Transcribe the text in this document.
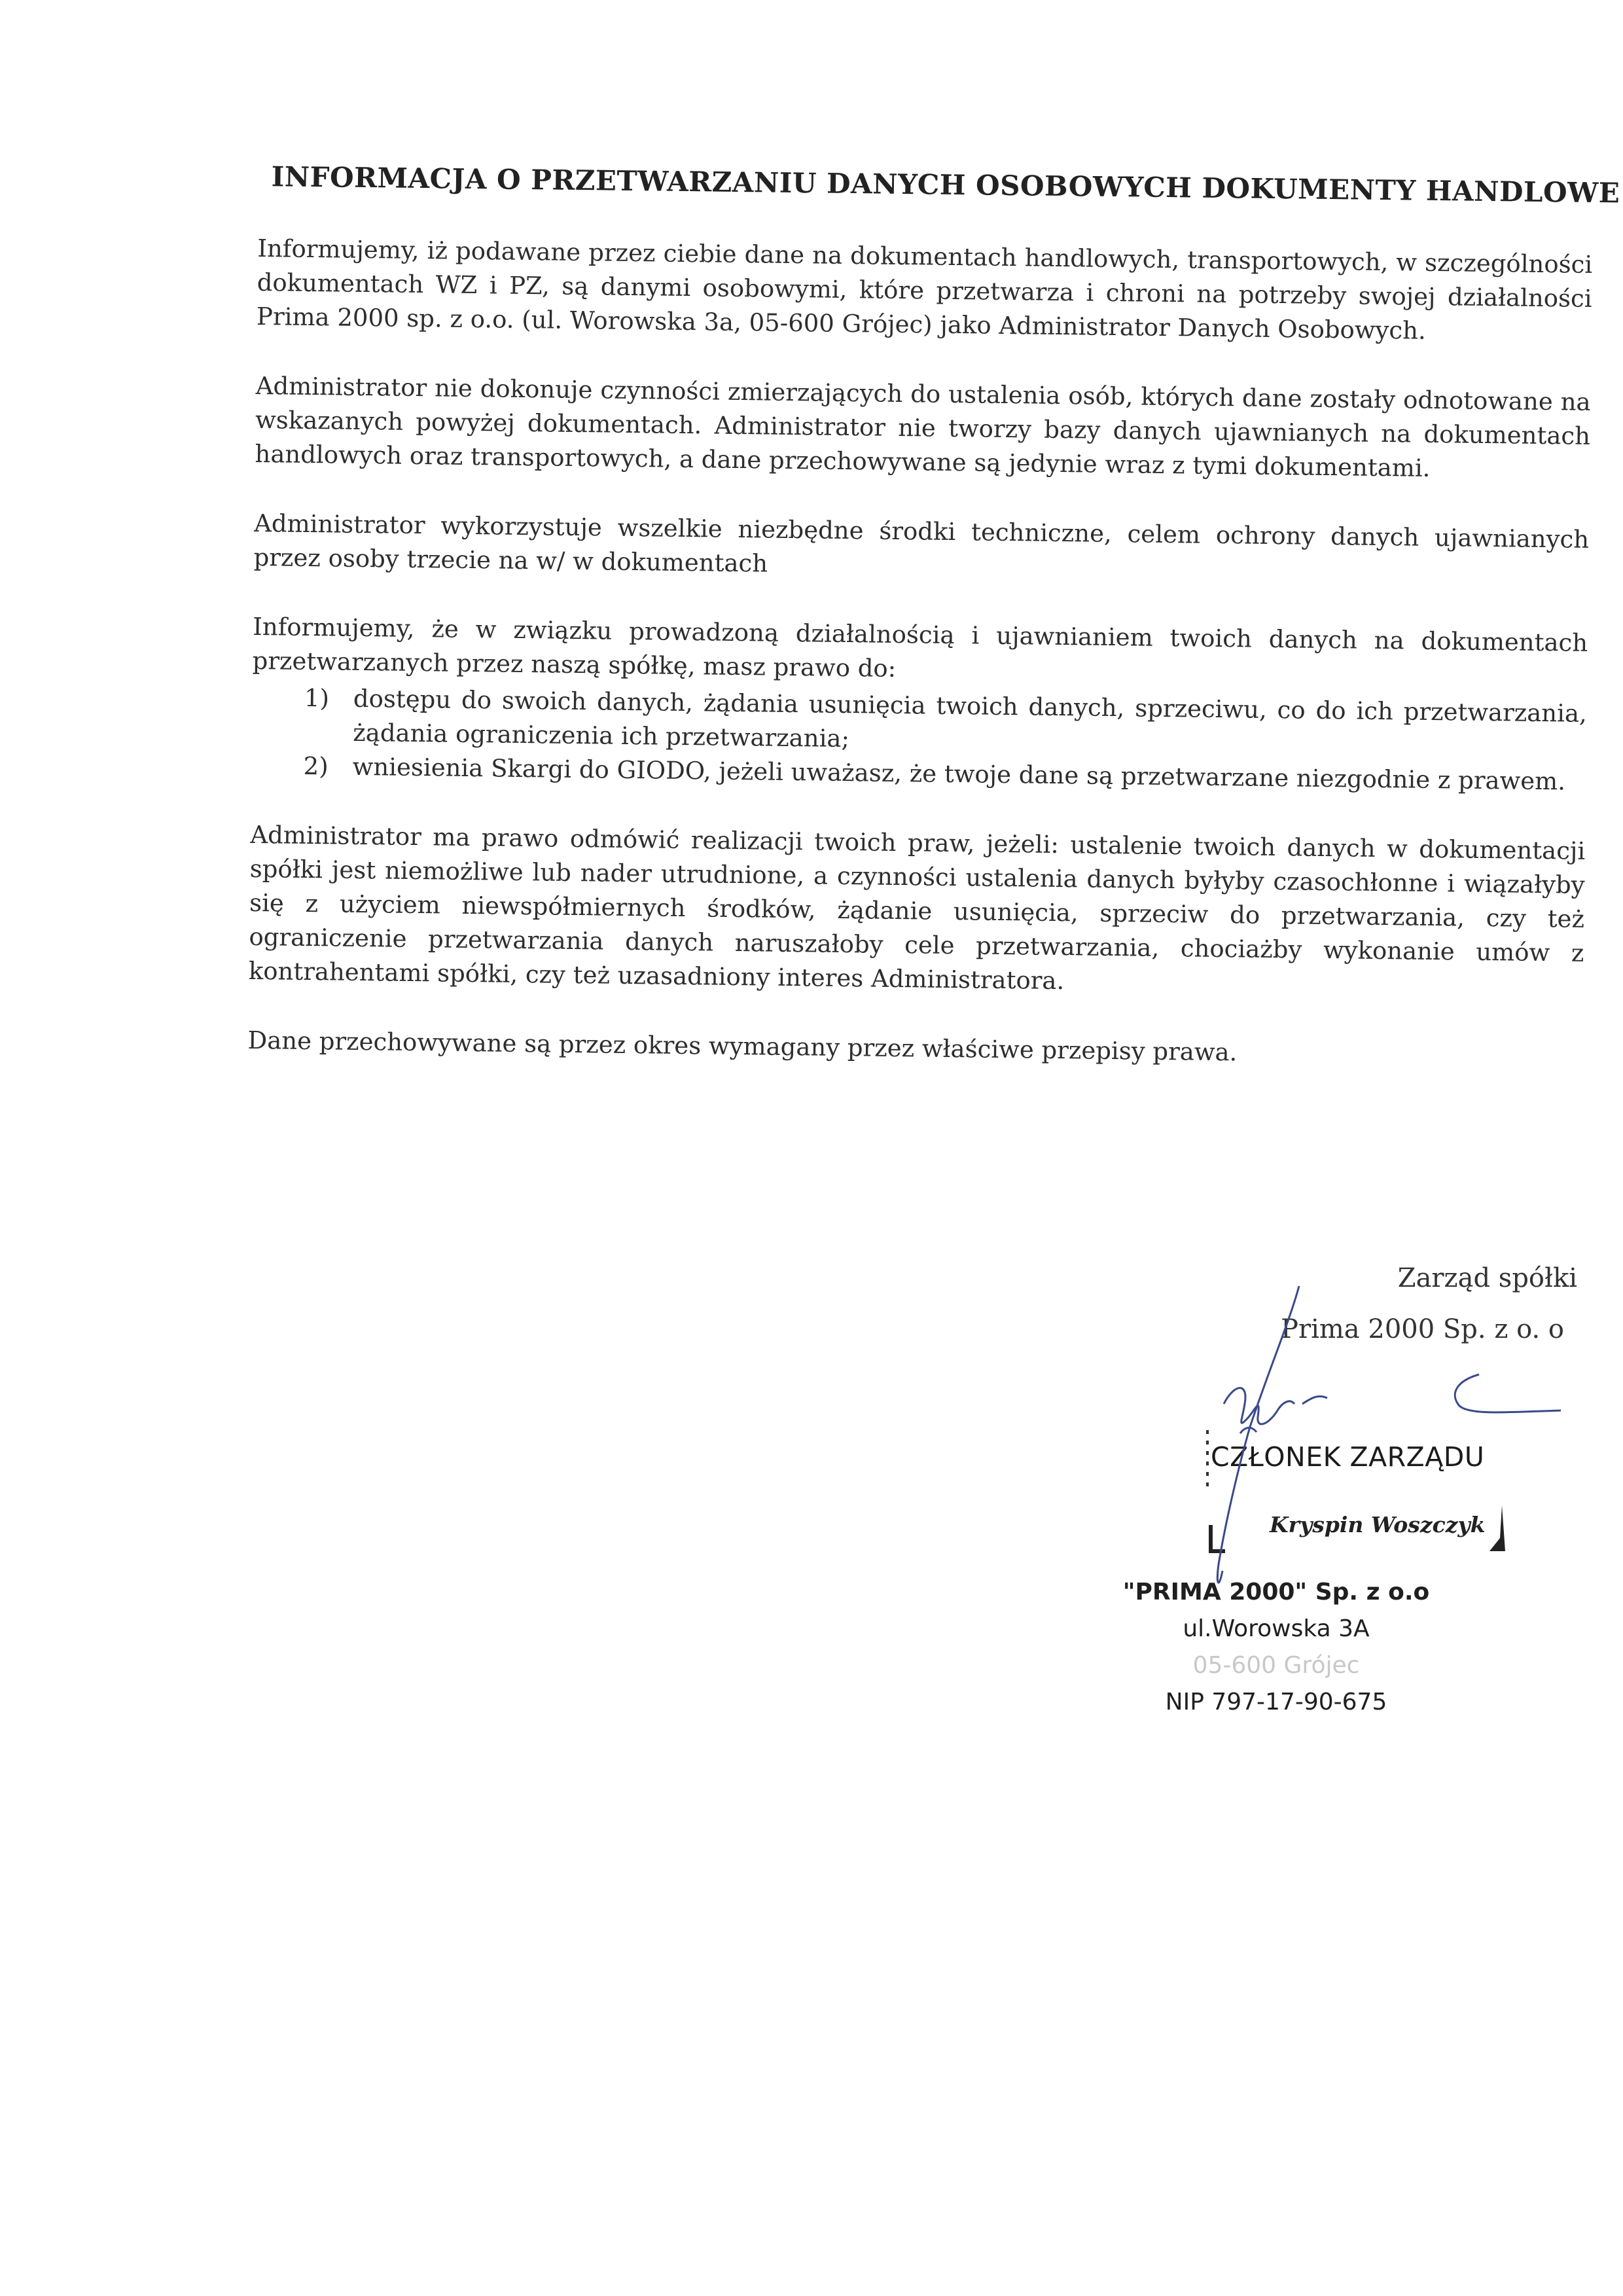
INFORMACJA O PRZETWARZANIU DANYCH OSOBOWYCH DOKUMENTY HANDLOWE

Informujemy, iż podawane przez ciebie dane na dokumentach handlowych, transportowych, w szczególności dokumentach WZ i PZ, są danymi osobowymi, które przetwarza i chroni na potrzeby swojej działalności Prima 2000 sp. z o.o. (ul. Worowska 3a, 05-600 Grójec) jako Administrator Danych Osobowych.

Administrator nie dokonuje czynności zmierzających do ustalenia osób, których dane zostały odnotowane na wskazanych powyżej dokumentach. Administrator nie tworzy bazy danych ujawnianych na dokumentach handlowych oraz transportowych, a dane przechowywane są jedynie wraz z tymi dokumentami.

Administrator wykorzystuje wszelkie niezbędne środki techniczne, celem ochrony danych ujawnianych przez osoby trzecie na w/ w dokumentach

Informujemy, że w związku prowadzoną działalnością i ujawnianiem twoich danych na dokumentach przetwarzanych przez naszą spółkę, masz prawo do:

1) dostępu do swoich danych, żądania usunięcia twoich danych, sprzeciwu, co do ich przetwarzania, żądania ograniczenia ich przetwarzania;
2) wniesienia Skargi do GIODO, jeżeli uważasz, że twoje dane są przetwarzane niezgodnie z prawem.

Administrator ma prawo odmówić realizacji twoich praw, jeżeli: ustalenie twoich danych w dokumentacji spółki jest niemożliwe lub nader utrudnione, a czynności ustalenia danych byłyby czasochłonne i wiązałyby się z użyciem niewspółmiernych środków, żądanie usunięcia, sprzeciw do przetwarzania, czy też ograniczenie przetwarzania danych naruszałoby cele przetwarzania, chociażby wykonanie umów z kontrahentami spółki, czy też uzasadniony interes Administratora.

Dane przechowywane są przez okres wymagany przez właściwe przepisy prawa.

Zarząd spółki
Prima 2000 Sp. z o. o
CZŁONEK ZARZĄDU
Kryspin Woszczyk
"PRIMA 2000" Sp. z o.o
ul.Worowska 3A
05-600 Grójec
NIP 797-17-90-675
